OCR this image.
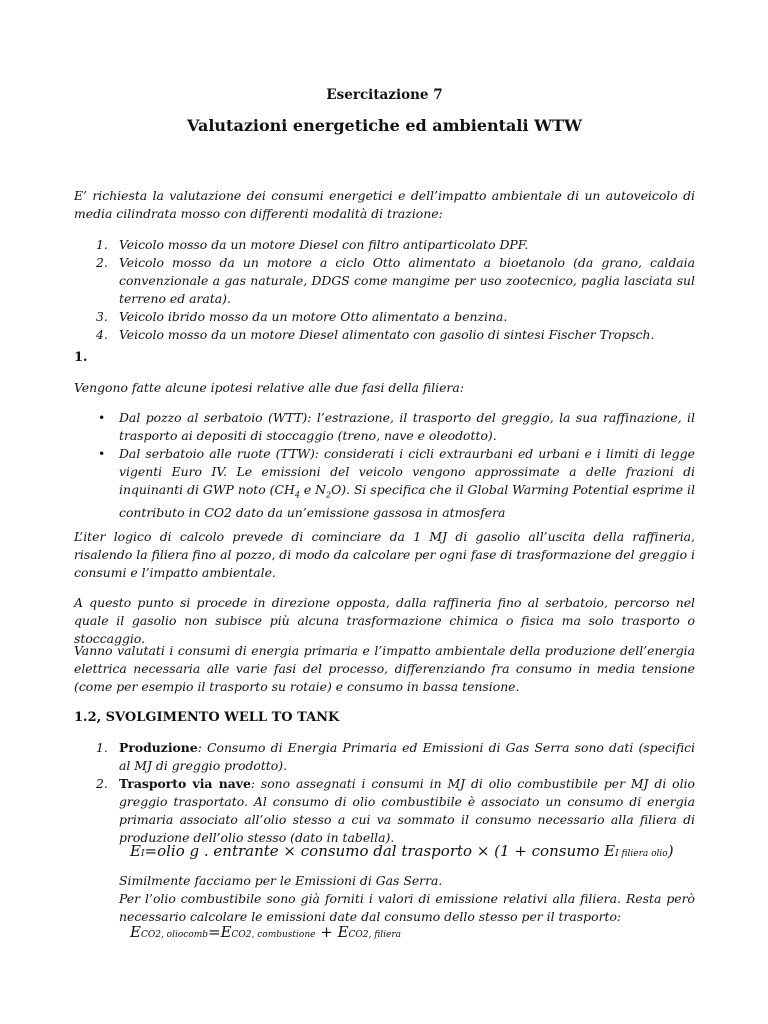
Esercitazione 7
Valutazioni energetiche ed ambientali WTW
E’ richiesta la valutazione dei consumi energetici e dell’impatto ambientale di un autoveicolo di media cilindrata mosso con differenti modalità di trazione:
1. Veicolo mosso da un motore Diesel con filtro antiparticolato DPF.
2. Veicolo mosso da un motore a ciclo Otto alimentato a bioetanolo (da grano, caldaia convenzionale a gas naturale, DDGS come mangime per uso zootecnico, paglia lasciata sul terreno ed arata).
3. Veicolo ibrido mosso da un motore Otto alimentato a benzina.
4. Veicolo mosso da un motore Diesel alimentato con gasolio di sintesi Fischer Tropsch.
1.
Vengono fatte alcune ipotesi relative alle due fasi della filiera:
• Dal pozzo al serbatoio (WTT): l’estrazione, il trasporto del greggio, la sua raffinazione, il trasporto ai depositi di stoccaggio (treno, nave e oleodotto).
• Dal serbatoio alle ruote (TTW): considerati i cicli extraurbani ed urbani e i limiti di legge vigenti Euro IV. Le emissioni del veicolo vengono approssimate a delle frazioni di inquinanti di GWP noto ($CH_4$ e $N_2O$). Si specifica che il Global Warming Potential esprime il contributo in CO2 dato da un’emissione gassosa in atmosfera
L’iter logico di calcolo prevede di cominciare da 1 MJ di gasolio all’uscita della raffineria, risalendo la filiera fino al pozzo, di modo da calcolare per ogni fase di trasformazione del greggio i consumi e l’impatto ambientale.
A questo punto si procede in direzione opposta, dalla raffineria fino al serbatoio, percorso nel quale il gasolio non subisce più alcuna trasformazione chimica o fisica ma solo trasporto o stoccaggio.
Vanno valutati i consumi di energia primaria e l’impatto ambientale della produzione dell’energia elettrica necessaria alle varie fasi del processo, differenziando fra consumo in media tensione (come per esempio il trasporto su rotaie) e consumo in bassa tensione.
1.2, SVOLGIMENTO WELL TO TANK
1. Produzione: Consumo di Energia Primaria ed Emissioni di Gas Serra sono dati (specifici al MJ di greggio prodotto).
2. Trasporto via nave: sono assegnati i consumi in MJ di olio combustibile per MJ di olio greggio trasportato. Al consumo di olio combustibile è associato un consumo di energia primaria associato all’olio stesso a cui va sommato il consumo necessario alla filiera di produzione dell’olio stesso (dato in tabella).
EI=olio g . entrante × consumo dal trasporto × (1 + consumo EI filiera olio)
Similmente facciamo per le Emissioni di Gas Serra.
Per l’olio combustibile sono già forniti i valori di emissione relativi alla filiera. Resta però necessario calcolare le emissioni date dal consumo dello stesso per il trasporto:
ECO2, oliocomb=ECO2, combustione + ECO2, filiera
